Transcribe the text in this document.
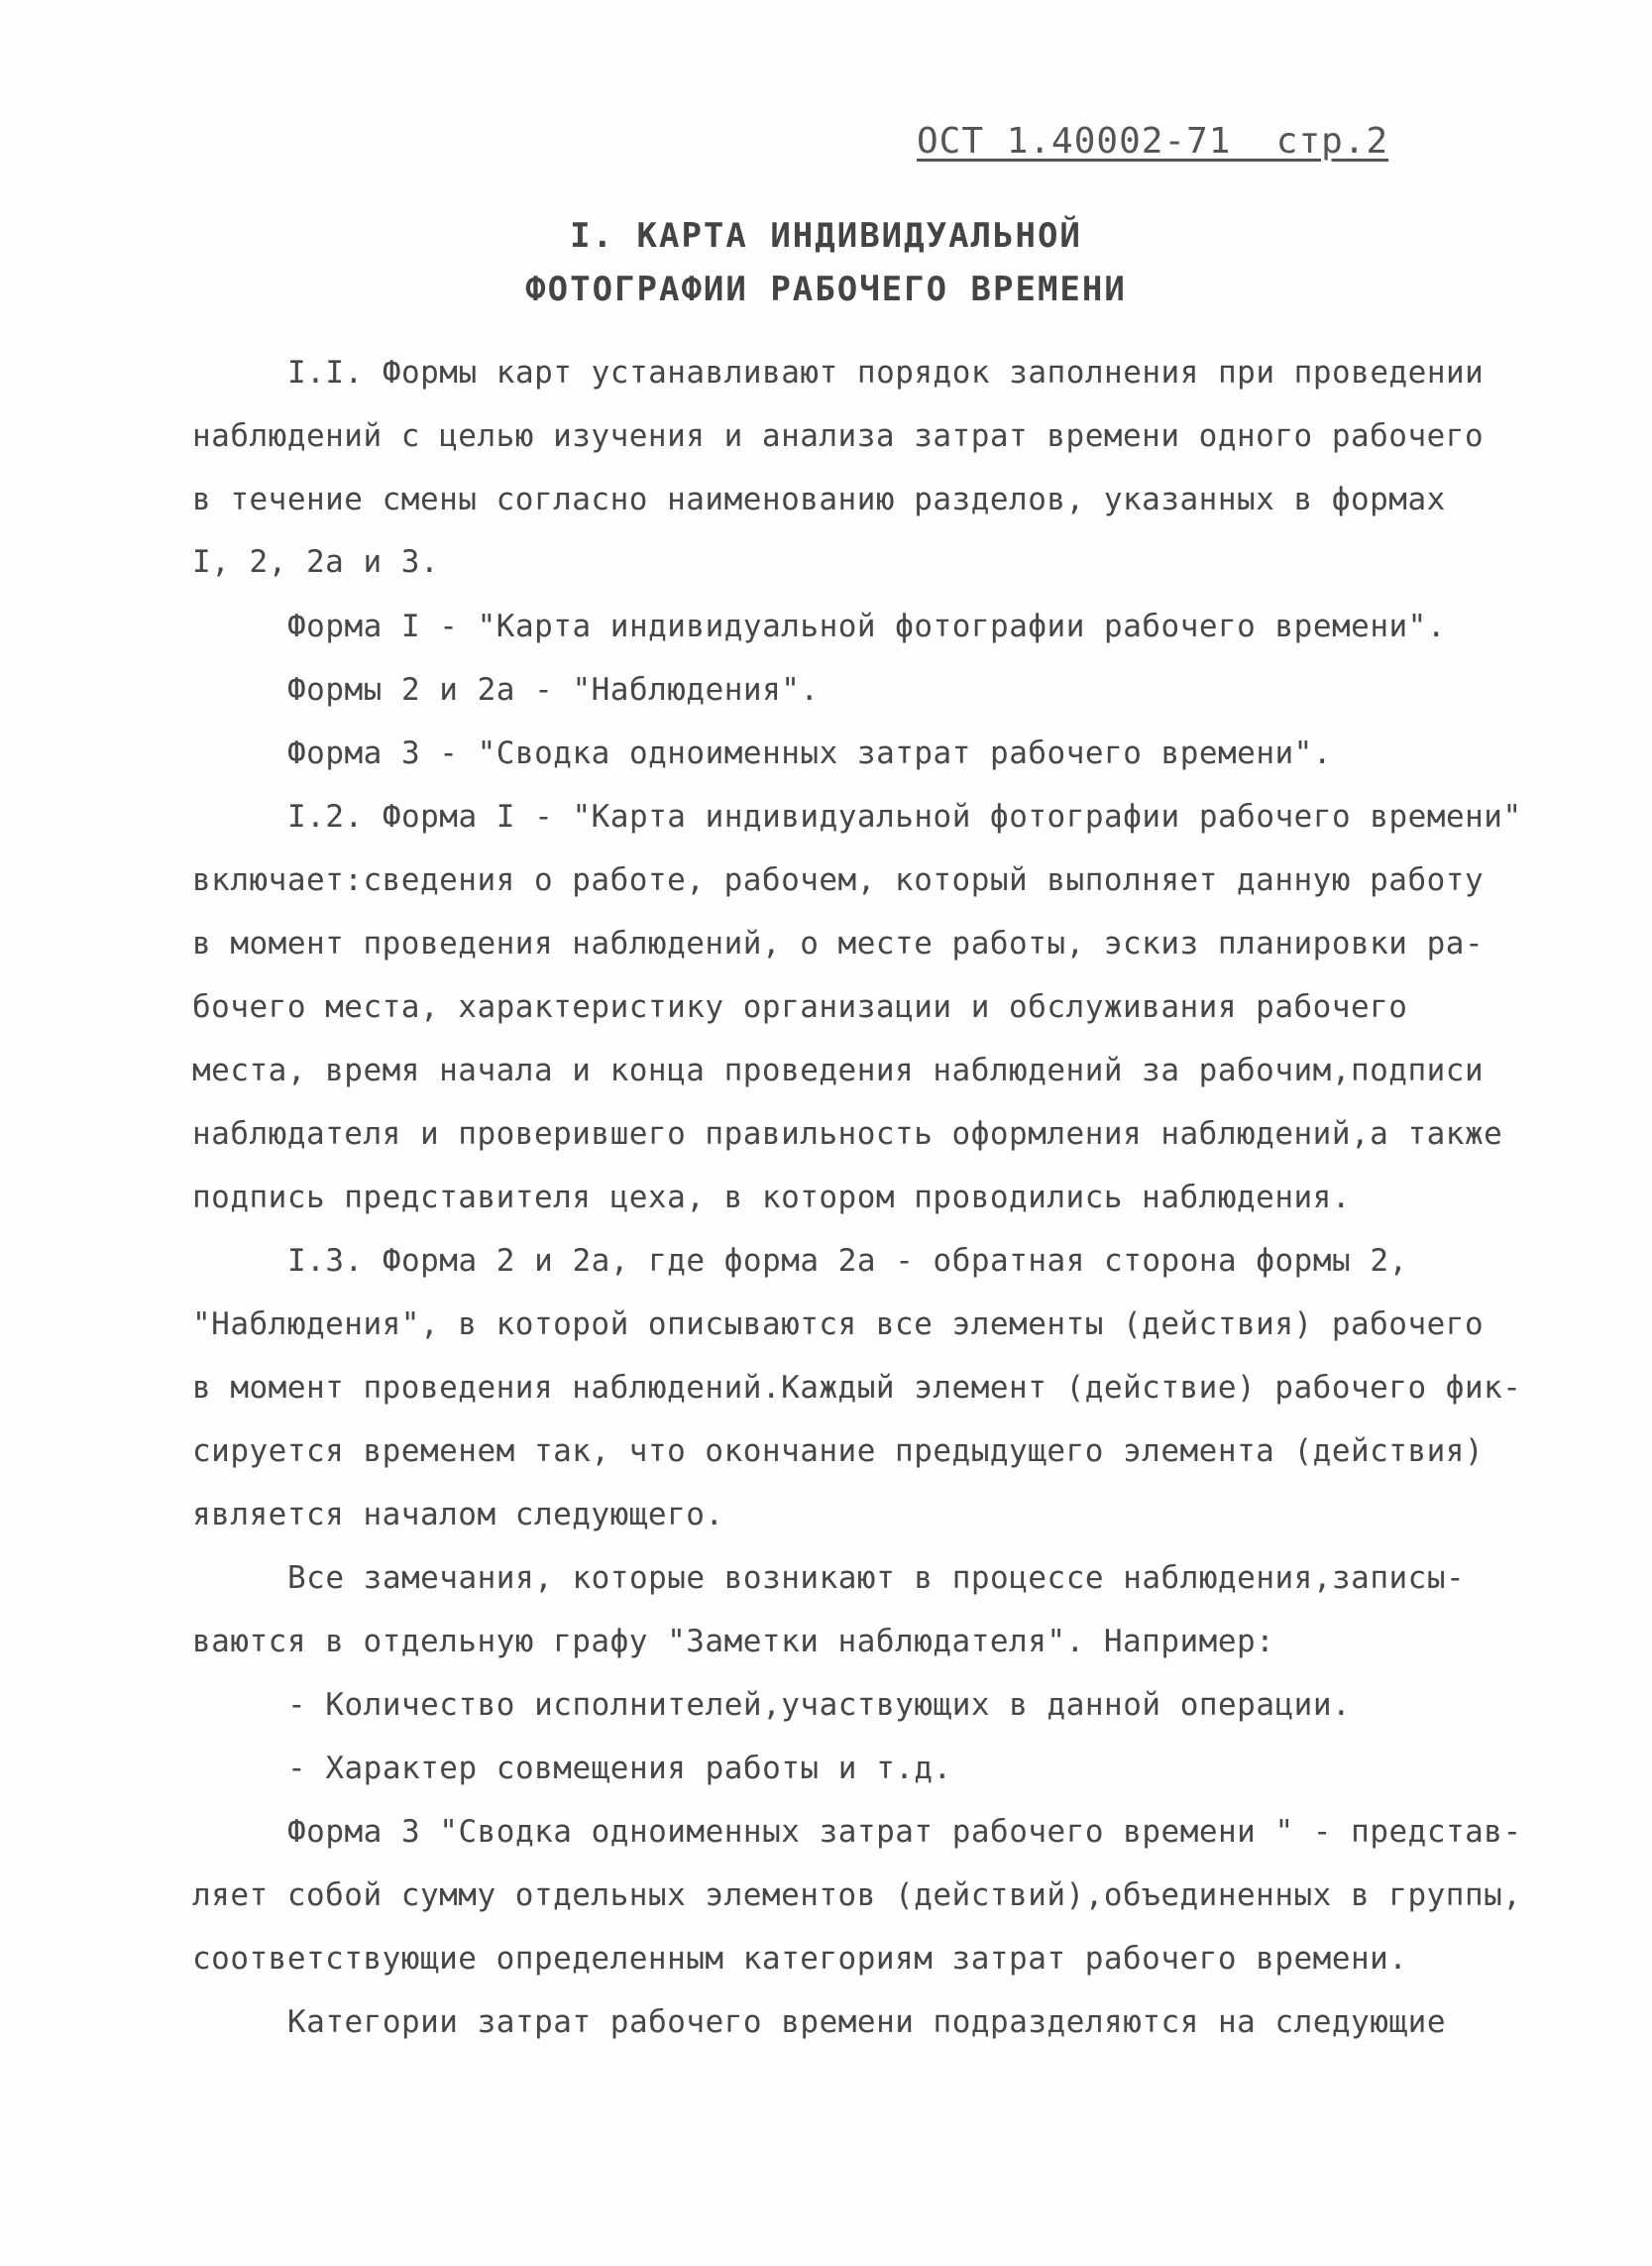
ОСТ 1.40002-71  стр.2
I. КАРТА ИНДИВИДУАЛЬНОЙ
ФОТОГРАФИИ РАБОЧЕГО ВРЕМЕНИ
I.I. Формы карт устанавливают порядок заполнения при проведении
наблюдений с целью изучения и анализа затрат времени одного рабочего
в течение смены согласно наименованию разделов, указанных в формах
I, 2, 2а и 3.
Форма I - "Карта индивидуальной фотографии рабочего времени".
Формы 2 и 2а - "Наблюдения".
Форма 3 - "Сводка одноименных затрат рабочего времени".
I.2. Форма I - "Карта индивидуальной фотографии рабочего времени"
включает:сведения о работе, рабочем, который выполняет данную работу
в момент проведения наблюдений, о месте работы, эскиз планировки ра-
бочего места, характеристику организации и обслуживания рабочего
места, время начала и конца проведения наблюдений за рабочим,подписи
наблюдателя и проверившего правильность оформления наблюдений,а также
подпись представителя цеха, в котором проводились наблюдения.
I.3. Форма 2 и 2а, где форма 2а - обратная сторона формы 2,
"Наблюдения", в которой описываются все элементы (действия) рабочего
в момент проведения наблюдений.Каждый элемент (действие) рабочего фик-
сируется временем так, что окончание предыдущего элемента (действия)
является началом следующего.
Все замечания, которые возникают в процессе наблюдения,записы-
ваются в отдельную графу "Заметки наблюдателя". Например:
- Количество исполнителей,участвующих в данной операции.
- Характер совмещения работы и т.д.
Форма 3 "Сводка одноименных затрат рабочего времени " - представ-
ляет собой сумму отдельных элементов (действий),объединенных в группы,
соответствующие определенным категориям затрат рабочего времени.
Категории затрат рабочего времени подразделяются на следующие
